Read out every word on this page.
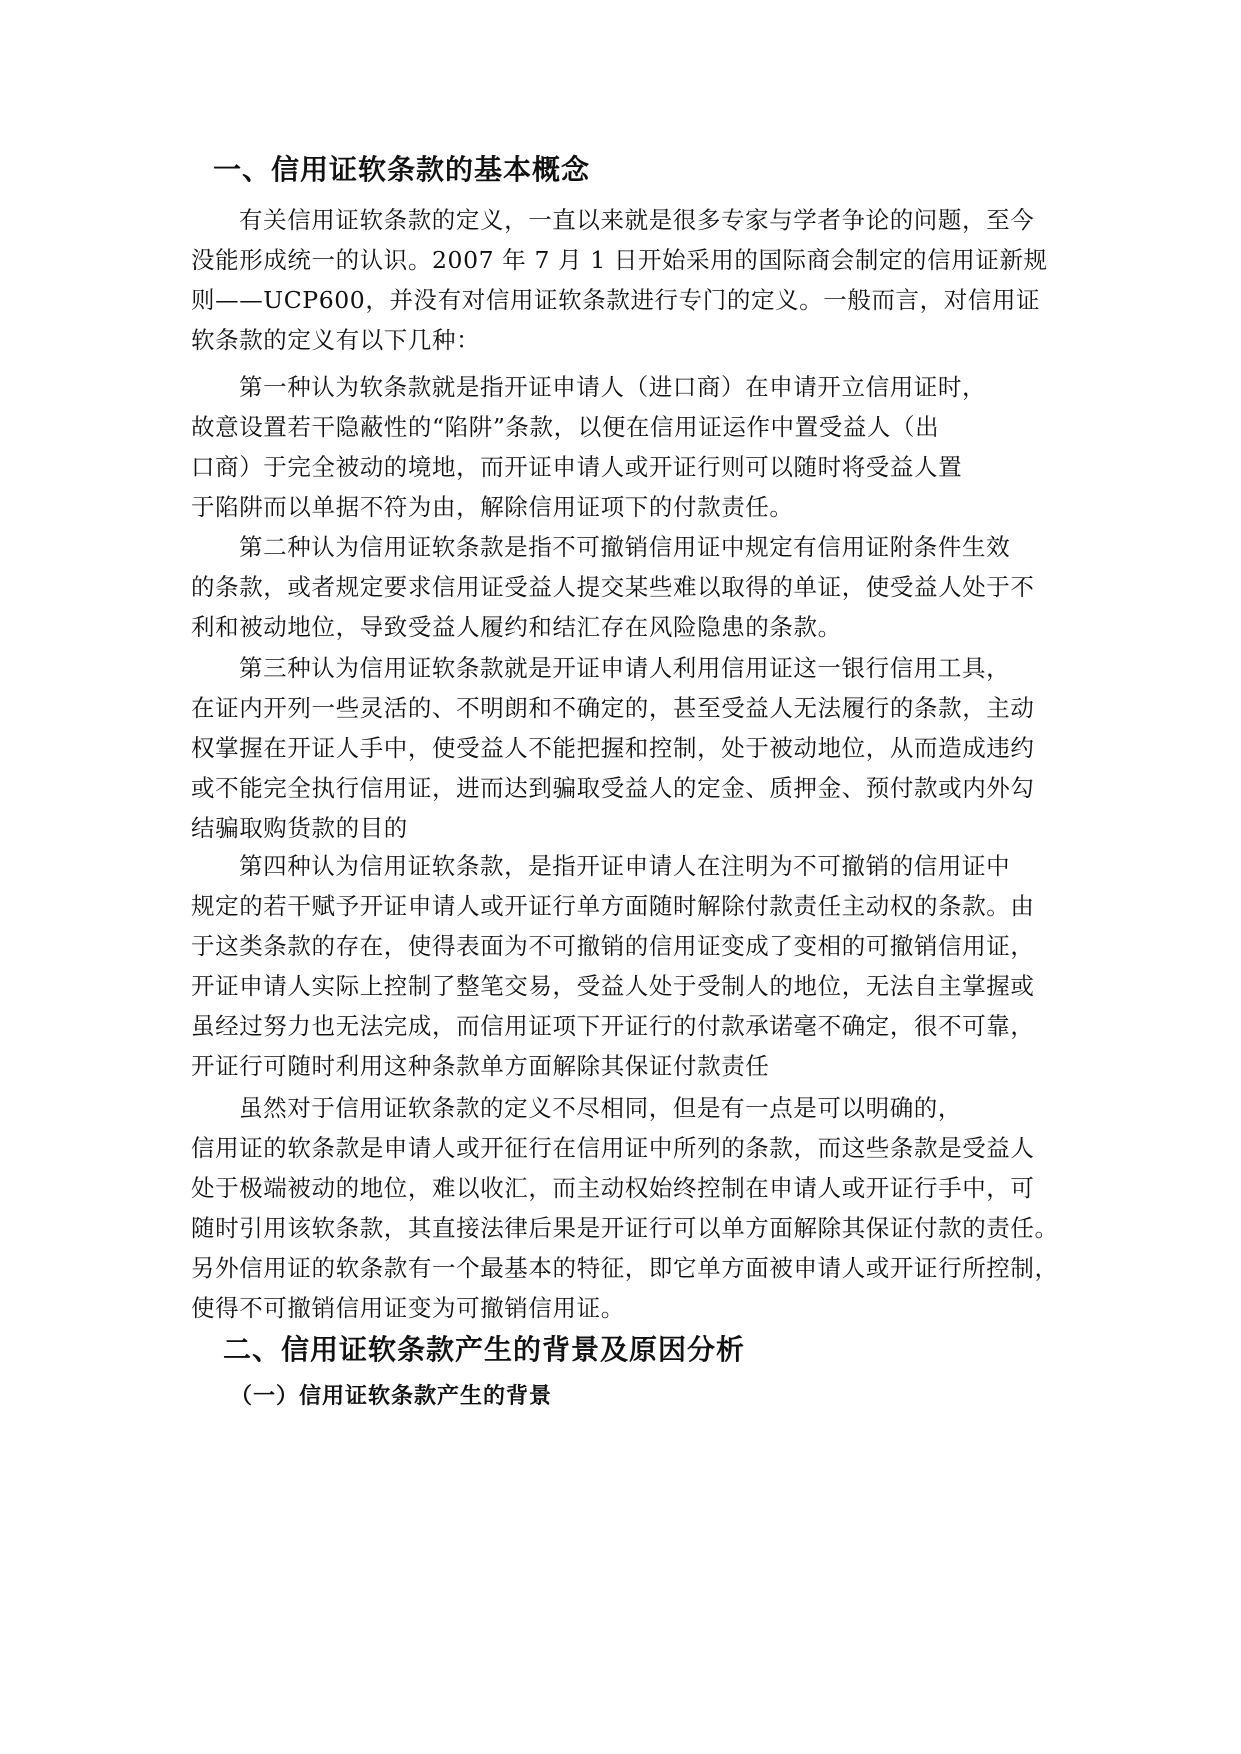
一、信用证软条款的基本概念
有关信用证软条款的定义，一直以来就是很多专家与学者争论的问题，至今
没能形成统一的认识。2007 年 7 月 1 日开始采用的国际商会制定的信用证新规
则——UCP600，并没有对信用证软条款进行专门的定义。一般而言，对信用证
软条款的定义有以下几种：
第一种认为软条款就是指开证申请人（进口商）在申请开立信用证时，
故意设置若干隐蔽性的“陷阱”条款，以便在信用证运作中置受益人（出
口商）于完全被动的境地，而开证申请人或开证行则可以随时将受益人置
于陷阱而以单据不符为由，解除信用证项下的付款责任。
第二种认为信用证软条款是指不可撤销信用证中规定有信用证附条件生效
的条款，或者规定要求信用证受益人提交某些难以取得的单证，使受益人处于不
利和被动地位，导致受益人履约和结汇存在风险隐患的条款。
第三种认为信用证软条款就是开证申请人利用信用证这一银行信用工具，
在证内开列一些灵活的、不明朗和不确定的，甚至受益人无法履行的条款，主动
权掌握在开证人手中，使受益人不能把握和控制，处于被动地位，从而造成违约
或不能完全执行信用证，进而达到骗取受益人的定金、质押金、预付款或内外勾
结骗取购货款的目的
第四种认为信用证软条款，是指开证申请人在注明为不可撤销的信用证中
规定的若干赋予开证申请人或开证行单方面随时解除付款责任主动权的条款。由
于这类条款的存在，使得表面为不可撤销的信用证变成了变相的可撤销信用证，
开证申请人实际上控制了整笔交易，受益人处于受制人的地位，无法自主掌握或
虽经过努力也无法完成，而信用证项下开证行的付款承诺毫不确定，很不可靠，
开证行可随时利用这种条款单方面解除其保证付款责任
虽然对于信用证软条款的定义不尽相同，但是有一点是可以明确的，
信用证的软条款是申请人或开征行在信用证中所列的条款，而这些条款是受益人
处于极端被动的地位，难以收汇，而主动权始终控制在申请人或开证行手中，可
随时引用该软条款，其直接法律后果是开证行可以单方面解除其保证付款的责任。
另外信用证的软条款有一个最基本的特征，即它单方面被申请人或开证行所控制，
使得不可撤销信用证变为可撤销信用证。
二、信用证软条款产生的背景及原因分析
（一）信用证软条款产生的背景
